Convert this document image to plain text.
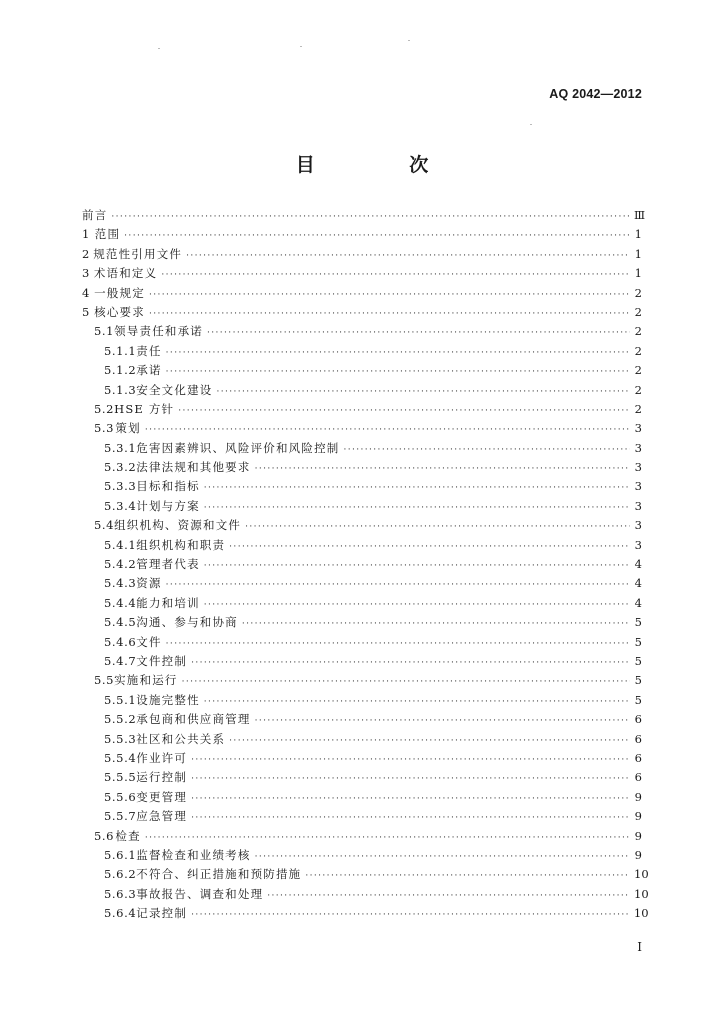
AQ 2042—2012
目 次
前言 ·····	Ⅲ
1 范围 ·····	1
2 规范性引用文件 ·····	1
3 术语和定义 ·····	1
4 一般规定 ·····	2
5 核心要求 ·····	2
5.1 领导责任和承诺 ·····	2
5.1.1 责任 ·····	2
5.1.2 承诺 ·····	2
5.1.3 安全文化建设 ·····	2
5.2 HSE 方针 ·····	2
5.3 策划 ·····	3
5.3.1 危害因素辨识、风险评价和风险控制 ·····	3
5.3.2 法律法规和其他要求 ·····	3
5.3.3 目标和指标 ·····	3
5.3.4 计划与方案 ·····	3
5.4 组织机构、资源和文件 ·····	3
5.4.1 组织机构和职责 ·····	3
5.4.2 管理者代表 ·····	4
5.4.3 资源 ·····	4
5.4.4 能力和培训 ·····	4
5.4.5 沟通、参与和协商 ·····	5
5.4.6 文件 ·····	5
5.4.7 文件控制 ·····	5
5.5 实施和运行 ·····	5
5.5.1 设施完整性 ·····	5
5.5.2 承包商和供应商管理 ·····	6
5.5.3 社区和公共关系 ·····	6
5.5.4 作业许可 ·····	6
5.5.5 运行控制 ·····	6
5.5.6 变更管理 ·····	9
5.5.7 应急管理 ·····	9
5.6 检查 ·····	9
5.6.1 监督检查和业绩考核 ·····	9
5.6.2 不符合、纠正措施和预防措施 ·····	10
5.6.3 事故报告、调查和处理 ·····	10
5.6.4 记录控制 ·····	10
I
